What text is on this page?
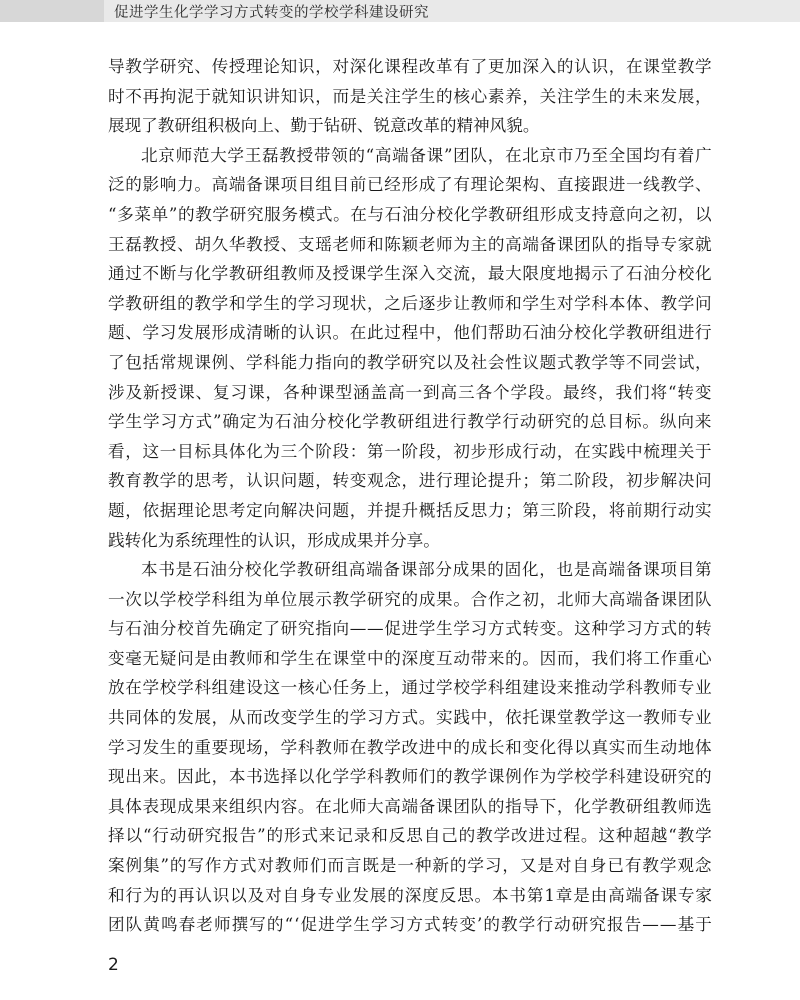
促进学生化学学习方式转变的学校学科建设研究
导 教 学 研 究 、 传 授 理 论 知 识 ， 对 深 化 课 程 改 革 有 了 更 加 深 入 的 认 识 ， 在 课 堂 教 学
时 不 再 拘 泥 于 就 知 识 讲 知 识 ， 而 是 关 注 学 生 的 核 心 素 养 ， 关 注 学 生 的 未 来 发 展 ，
展现了教研组积极向上、勤于钻研、锐意改革的精神风貌。
北 京 师 范 大 学 王 磊 教 授 带 领 的 “ 高 端 备 课 ” 团 队 ， 在 北 京 市 乃 至 全 国 均 有 着 广
泛 的 影 响 力 。 高 端 备 课 项 目 组 目 前 已 经 形 成 了 有 理 论 架 构 、 直 接 跟 进 一 线 教 学 、
“ 多 菜 单 ” 的 教 学 研 究 服 务 模 式 。 在 与 石 油 分 校 化 学 教 研 组 形 成 支 持 意 向 之 初 ， 以
王 磊 教 授 、 胡 久 华 教 授 、 支 瑶 老 师 和 陈 颖 老 师 为 主 的 高 端 备 课 团 队 的 指 导 专 家 就
通 过 不 断 与 化 学 教 研 组 教 师 及 授 课 学 生 深 入 交 流 ， 最 大 限 度 地 揭 示 了 石 油 分 校 化
学 教 研 组 的 教 学 和 学 生 的 学 习 现 状 ， 之 后 逐 步 让 教 师 和 学 生 对 学 科 本 体 、 教 学 问
题 、 学 习 发 展 形 成 清 晰 的 认 识 。 在 此 过 程 中 ， 他 们 帮 助 石 油 分 校 化 学 教 研 组 进 行
了 包 括 常 规 课 例 、 学 科 能 力 指 向 的 教 学 研 究 以 及 社 会 性 议 题 式 教 学 等 不 同 尝 试 ，
涉 及 新 授 课 、 复 习 课 ， 各 种 课 型 涵 盖 高 一 到 高 三 各 个 学 段 。 最 终 ， 我 们 将 “ 转 变
学 生 学 习 方 式 ” 确 定 为 石 油 分 校 化 学 教 研 组 进 行 教 学 行 动 研 究 的 总 目 标 。 纵 向 来
看 ， 这 一 目 标 具 体 化 为 三 个 阶 段 ： 第 一 阶 段 ， 初 步 形 成 行 动 ， 在 实 践 中 梳 理 关 于
教 育 教 学 的 思 考 ， 认 识 问 题 ， 转 变 观 念 ， 进 行 理 论 提 升 ； 第 二 阶 段 ， 初 步 解 决 问
题 ， 依 据 理 论 思 考 定 向 解 决 问 题 ， 并 提 升 概 括 反 思 力 ； 第 三 阶 段 ， 将 前 期 行 动 实
践转化为系统理性的认识，形成成果并分享。
本 书 是 石 油 分 校 化 学 教 研 组 高 端 备 课 部 分 成 果 的 固 化 ， 也 是 高 端 备 课 项 目 第
一 次 以 学 校 学 科 组 为 单 位 展 示 教 学 研 究 的 成 果 。 合 作 之 初 ， 北 师 大 高 端 备 课 团 队
与 石 油 分 校 首 先 确 定 了 研 究 指 向 — — 促 进 学 生 学 习 方 式 转 变 。 这 种 学 习 方 式 的 转
变 毫 无 疑 问 是 由 教 师 和 学 生 在 课 堂 中 的 深 度 互 动 带 来 的 。 因 而 ， 我 们 将 工 作 重 心
放 在 学 校 学 科 组 建 设 这 一 核 心 任 务 上 ， 通 过 学 校 学 科 组 建 设 来 推 动 学 科 教 师 专 业
共 同 体 的 发 展 ， 从 而 改 变 学 生 的 学 习 方 式 。 实 践 中 ， 依 托 课 堂 教 学 这 一 教 师 专 业
学 习 发 生 的 重 要 现 场 ， 学 科 教 师 在 教 学 改 进 中 的 成 长 和 变 化 得 以 真 实 而 生 动 地 体
现 出 来 。 因 此 ， 本 书 选 择 以 化 学 学 科 教 师 们 的 教 学 课 例 作 为 学 校 学 科 建 设 研 究 的
具 体 表 现 成 果 来 组 织 内 容 。 在 北 师 大 高 端 备 课 团 队 的 指 导 下 ， 化 学 教 研 组 教 师 选
择 以 “ 行 动 研 究 报 告 ” 的 形 式 来 记 录 和 反 思 自 己 的 教 学 改 进 过 程 。 这 种 超 越 “ 教 学
案 例 集 ” 的 写 作 方 式 对 教 师 们 而 言 既 是 一 种 新 的 学 习 ， 又 是 对 自 身 已 有 教 学 观 念
和 行 为 的 再 认 识 以 及 对 自 身 专 业 发 展 的 深 度 反 思 。 本 书 第 1 章 是 由 高 端 备 课 专 家
团 队 黄 鸣 春 老 师 撰 写 的 “ ‘ 促 进 学 生 学 习 方 式 转 变 ’ 的 教 学 行 动 研 究 报 告 — — 基 于
2
